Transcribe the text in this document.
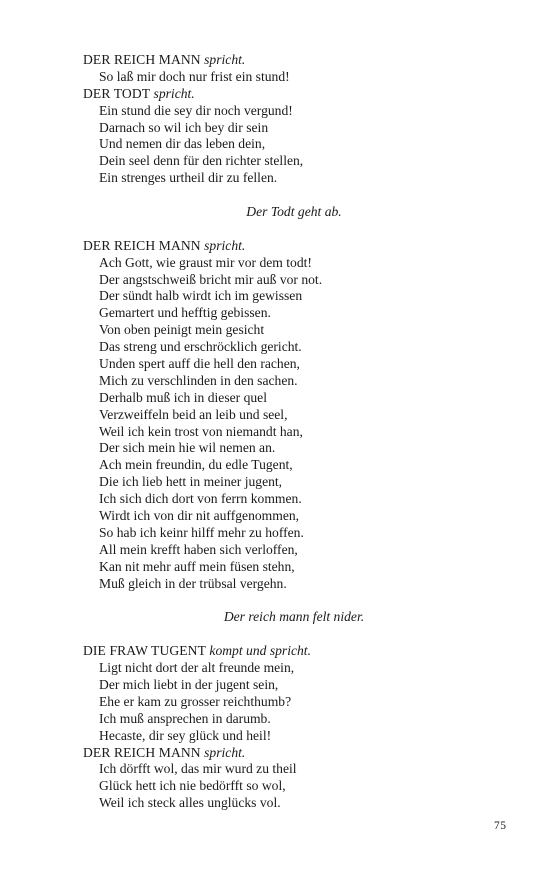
DER REICH MANN spricht.
So laß mir doch nur frist ein stund!
DER TODT spricht.
Ein stund die sey dir noch vergund!
Darnach so wil ich bey dir sein
Und nemen dir das leben dein,
Dein seel denn für den richter stellen,
Ein strenges urtheil dir zu fellen.
Der Todt geht ab.
DER REICH MANN spricht.
Ach Gott, wie graust mir vor dem todt!
Der angstschweiß bricht mir auß vor not.
Der sündt halb wirdt ich im gewissen
Gemartert und hefftig gebissen.
Von oben peinigt mein gesicht
Das streng und erschröcklich gericht.
Unden spert auff die hell den rachen,
Mich zu verschlinden in den sachen.
Derhalb muß ich in dieser quel
Verzweiffeln beid an leib und seel,
Weil ich kein trost von niemandt han,
Der sich mein hie wil nemen an.
Ach mein freundin, du edle Tugent,
Die ich lieb hett in meiner jugent,
Ich sich dich dort von ferrn kommen.
Wirdt ich von dir nit auffgenommen,
So hab ich keinr hilff mehr zu hoffen.
All mein krefft haben sich verloffen,
Kan nit mehr auff mein füsen stehn,
Muß gleich in der trübsal vergehn.
Der reich mann felt nider.
DIE FRAW TUGENT kompt und spricht.
Ligt nicht dort der alt freunde mein,
Der mich liebt in der jugent sein,
Ehe er kam zu grosser reichthumb?
Ich muß ansprechen in darumb.
Hecaste, dir sey glück und heil!
DER REICH MANN spricht.
Ich dörfft wol, das mir wurd zu theil
Glück hett ich nie bedörfft so wol,
Weil ich steck alles unglücks vol.
75
